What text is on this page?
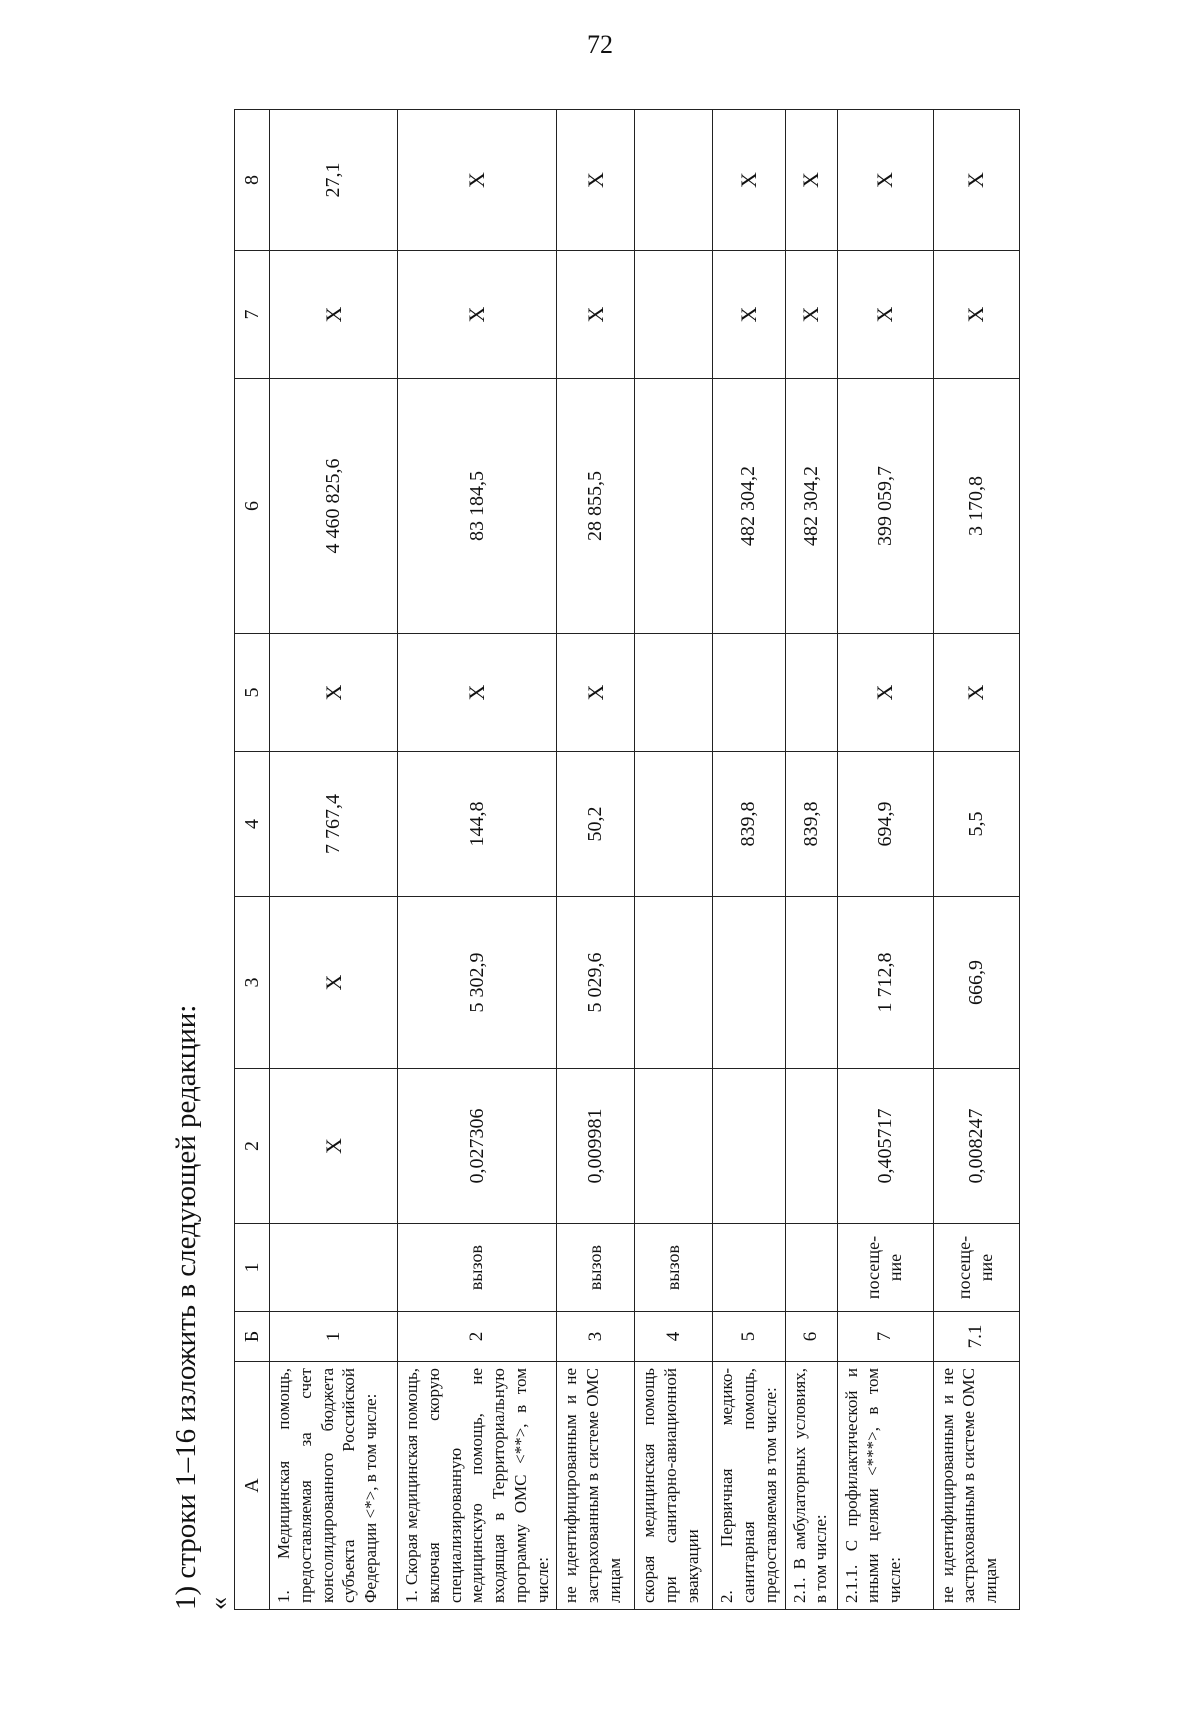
72
1) строки 1–16 изложить в следующей редакции: «
А	Б	1	2	3	4	5	6	7	8
1. Медицинская помощь, предоставляемая за счет консолидированного бюджета субъекта Российской Федерации <*>, в том числе:	1		Х	Х	7 767,4	Х	4 460 825,6	Х	27,1
1. Скорая медицинская помощь, включая скорую специализированную медицинскую помощь, не входящая в Территориальную программу ОМС <**>, в том числе:	2	вызов	0,027306	5 302,9	144,8	Х	83 184,5	Х	Х
не идентифицированным и не застрахованным в системе ОМС лицам	3	вызов	0,009981	5 029,6	50,2	Х	28 855,5	Х	Х
скорая медицинская помощь при санитарно-авиационной эвакуации	4	вызов							
2. Первичная медико-санитарная помощь, предоставляемая в том числе:	5				839,8		482 304,2	Х	Х
2.1. В амбулаторных условиях, в том числе:	6				839,8		482 304,2	Х	Х
2.1.1. С профилактической и иными целями <***>, в том числе:	7	посеще-ние	0,405717	1 712,8	694,9	Х	399 059,7	Х	Х
не идентифицированным и не застрахованным в системе ОМС лицам	7.1	посеще-ние	0,008247	666,9	5,5	Х	3 170,8	Х	Х
